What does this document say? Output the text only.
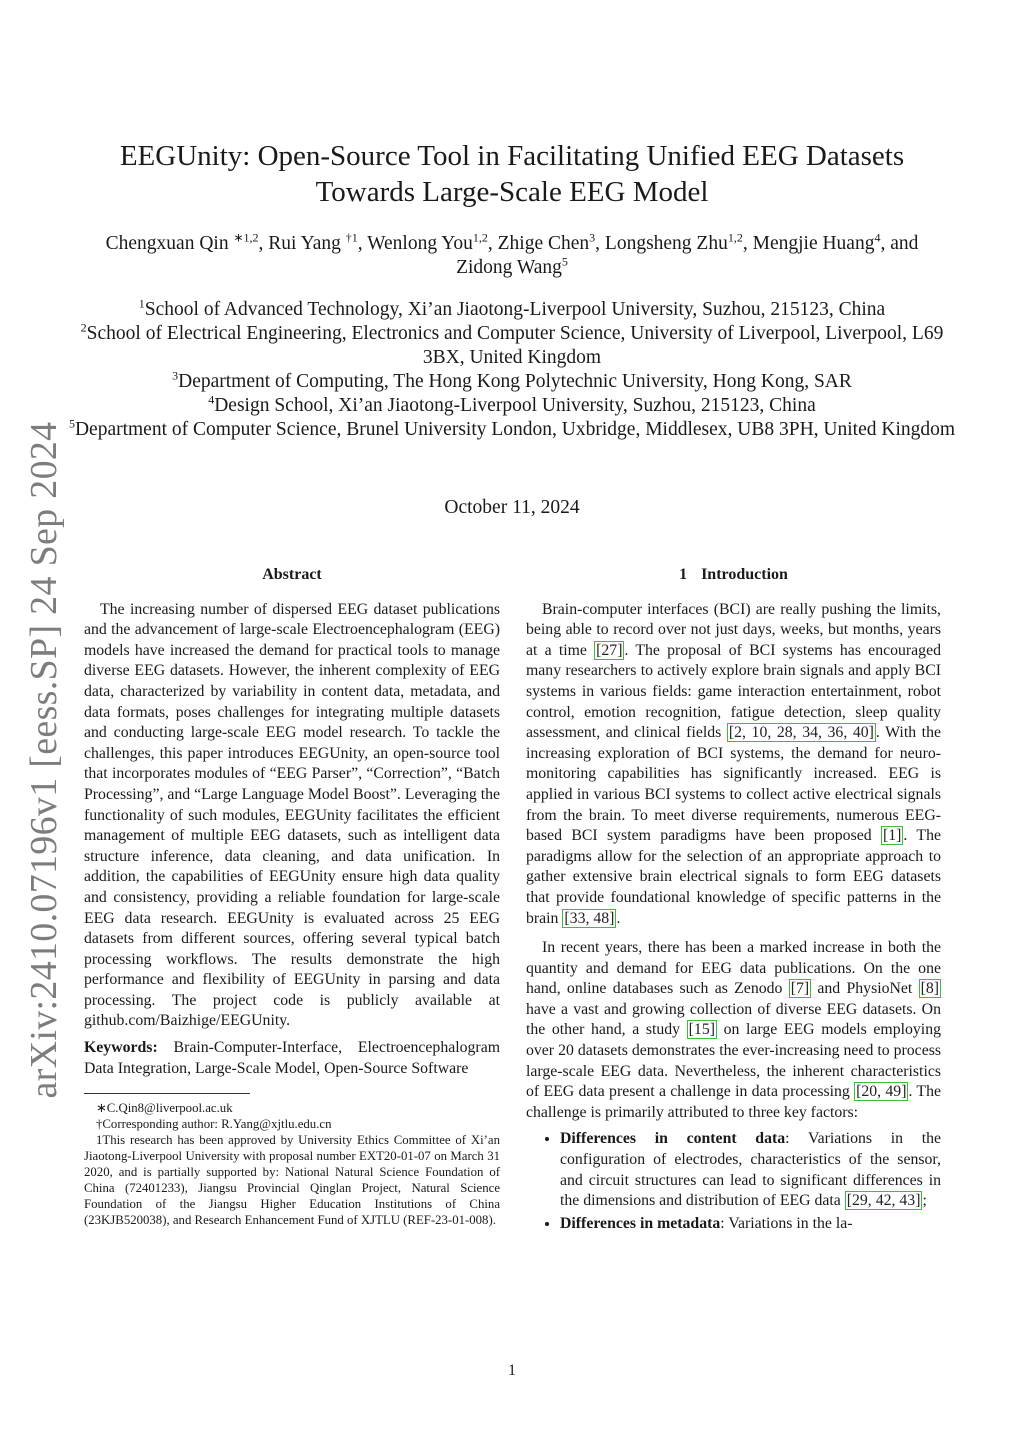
arXiv:2410.07196v1 [eess.SP] 24 Sep 2024
EEGUnity: Open-Source Tool in Facilitating Unified EEG Datasets
Towards Large-Scale EEG Model
Chengxuan Qin $^{∗1,2}$, Rui Yang $^{\dagger 1}$, Wenlong You$^{1,2}$, Zhige Chen$^3$, Longsheng Zhu$^{1,2}$, Mengjie Huang$^4$, and Zidong Wang$^5$
$^1$School of Advanced Technology, Xi’an Jiaotong-Liverpool University, Suzhou, 215123, China
$^2$School of Electrical Engineering, Electronics and Computer Science, University of Liverpool, Liverpool, L69 3BX, United Kingdom
$^3$Department of Computing, The Hong Kong Polytechnic University, Hong Kong, SAR
$^4$Design School, Xi’an Jiaotong-Liverpool University, Suzhou, 215123, China
$^5$Department of Computer Science, Brunel University London, Uxbridge, Middlesex, UB8 3PH, United Kingdom
October 11, 2024
Abstract

The increasing number of dispersed EEG dataset publications and the advancement of large-scale Electroencephalogram (EEG) models have increased the demand for practical tools to manage diverse EEG datasets. However, the inherent complexity of EEG data, characterized by variability in content data, metadata, and data formats, poses challenges for integrating multiple datasets and conducting large-scale EEG model research. To tackle the challenges, this paper introduces EEGUnity, an open-source tool that incorporates modules of “EEG Parser”, “Correction”, “Batch Processing”, and “Large Language Model Boost”. Leveraging the functionality of such modules, EEGUnity facilitates the efficient management of multiple EEG datasets, such as intelligent data structure inference, data cleaning, and data unification. In addition, the capabilities of EEGUnity ensure high data quality and consistency, providing a reliable foundation for large-scale EEG data research. EEGUnity is evaluated across 25 EEG datasets from different sources, offering several typical batch processing workflows. The results demonstrate the high performance and flexibility of EEGUnity in parsing and data processing. The project code is publicly available at github.com/Baizhige/EEGUnity.

Keywords: Brain-Computer-Interface, Electroencephalogram Data Integration, Large-Scale Model, Open-Source Software

∗C.Qin8@liverpool.ac.uk
†Corresponding author: R.Yang@xjtlu.edu.cn
1This research has been approved by University Ethics Committee of Xi’an Jiaotong-Liverpool University with proposal number EXT20-01-07 on March 31 2020, and is partially supported by: National Natural Science Foundation of China (72401233), Jiangsu Provincial Qinglan Project, Natural Science Foundation of the Jiangsu Higher Education Institutions of China (23KJB520038), and Research Enhancement Fund of XJTLU (REF-23-01-008).
1 Introduction

Brain-computer interfaces (BCI) are really pushing the limits, being able to record over not just days, weeks, but months, years at a time [27] . The proposal of BCI systems has encouraged many researchers to actively explore brain signals and apply BCI systems in various fields: game interaction entertainment, robot control, emotion recognition, fatigue detection, sleep quality assessment, and clinical fields [2, 10, 28, 34, 36, 40] . With the increasing exploration of BCI systems, the demand for neuro-monitoring capabilities has significantly increased. EEG is applied in various BCI systems to collect active electrical signals from the brain. To meet diverse requirements, numerous EEG-based BCI system paradigms have been proposed [1] . The paradigms allow for the selection of an appropriate approach to gather extensive brain electrical signals to form EEG datasets that provide foundational knowledge of specific patterns in the brain [33, 48] .

In recent years, there has been a marked increase in both the quantity and demand for EEG data publications. On the one hand, online databases such as Zenodo [7] and PhysioNet [8] have a vast and growing collection of diverse EEG datasets. On the other hand, a study [15] on large EEG models employing over 20 datasets demonstrates the ever-increasing need to process large-scale EEG data. Nevertheless, the inherent characteristics of EEG data present a challenge in data processing [20, 49] . The challenge is primarily attributed to three key factors:

• Differences in content data: Variations in the configuration of electrodes, characteristics of the sensor, and circuit structures can lead to significant differences in the dimensions and distribution of EEG data [29, 42, 43] ;
• Differences in metadata: Variations in the la-
1
